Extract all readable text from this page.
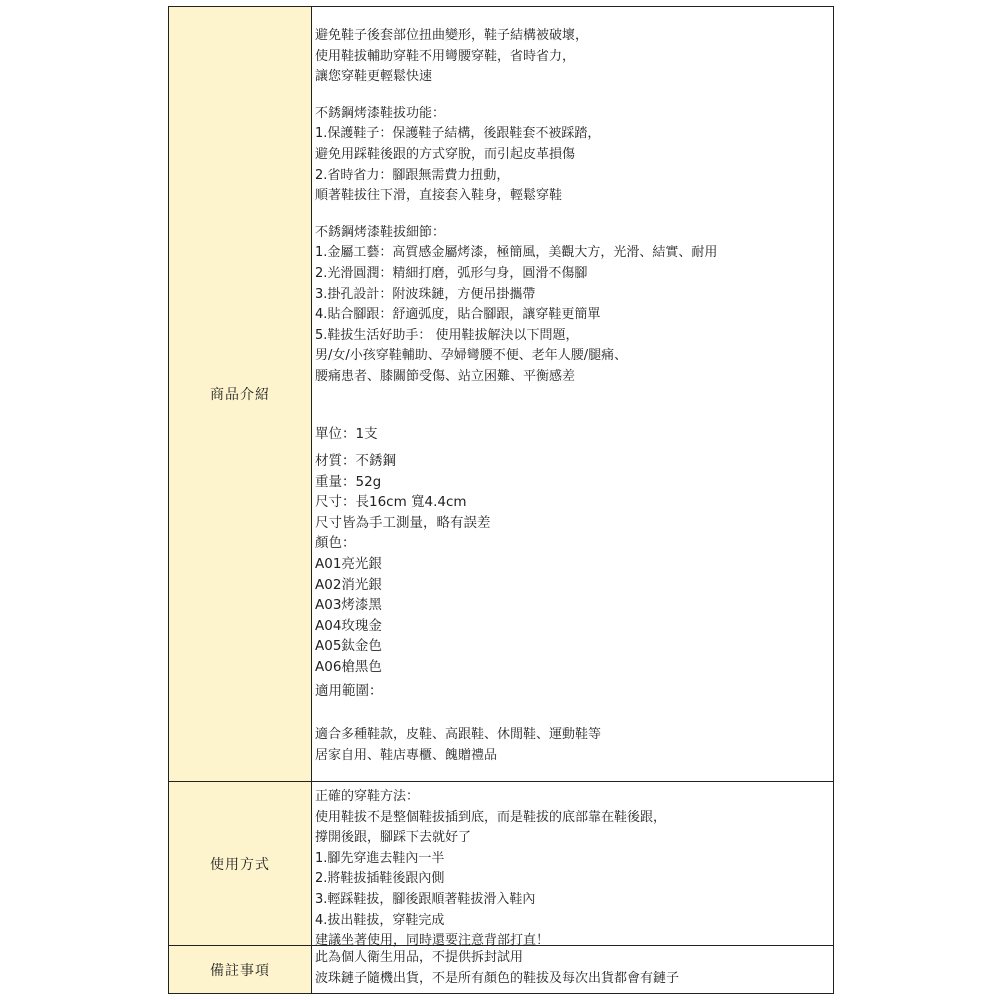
商品介紹
避免鞋子後套部位扭曲變形，鞋子結構被破壞，
使用鞋拔輔助穿鞋不用彎腰穿鞋，省時省力，
讓您穿鞋更輕鬆快速
不銹鋼烤漆鞋拔功能：
1.保護鞋子：保護鞋子結構，後跟鞋套不被踩踏，
避免用踩鞋後跟的方式穿脫，而引起皮革損傷
2.省時省力：腳跟無需費力扭動，
順著鞋拔往下滑，直接套入鞋身，輕鬆穿鞋
不銹鋼烤漆鞋拔細節：
1.金屬工藝：高質感金屬烤漆，極簡風，美觀大方，光滑、結實、耐用
2.光滑圓潤：精細打磨，弧形勻身，圓滑不傷腳
3.掛孔設計：附波珠鏈，方便吊掛攜帶
4.貼合腳跟：舒適弧度，貼合腳跟，讓穿鞋更簡單
5.鞋拔生活好助手： 使用鞋拔解決以下問題，
男/女/小孩穿鞋輔助、孕婦彎腰不便、老年人腰/腿痛、
腰痛患者、膝關節受傷、站立困難、平衡感差
單位：1支
材質：不銹鋼
重量：52g
尺寸：長16cm 寬4.4cm
尺寸皆為手工測量，略有誤差
顏色：
A01亮光銀
A02消光銀
A03烤漆黑
A04玫瑰金
A05鈦金色
A06槍黑色
適用範圍：
適合多種鞋款，皮鞋、高跟鞋、休閒鞋、運動鞋等
居家自用、鞋店專櫃、餽贈禮品
使用方式
正確的穿鞋方法：
使用鞋拔不是整個鞋拔插到底，而是鞋拔的底部靠在鞋後跟，
撐開後跟，腳踩下去就好了
1.腳先穿進去鞋內一半
2.將鞋拔插鞋後跟內側
3.輕踩鞋拔，腳後跟順著鞋拔滑入鞋內
4.拔出鞋拔，穿鞋完成
建議坐著使用，同時還要注意背部打直！
備註事項
此為個人衛生用品，不提供拆封試用
波珠鏈子隨機出貨，不是所有顏色的鞋拔及每次出貨都會有鏈子
